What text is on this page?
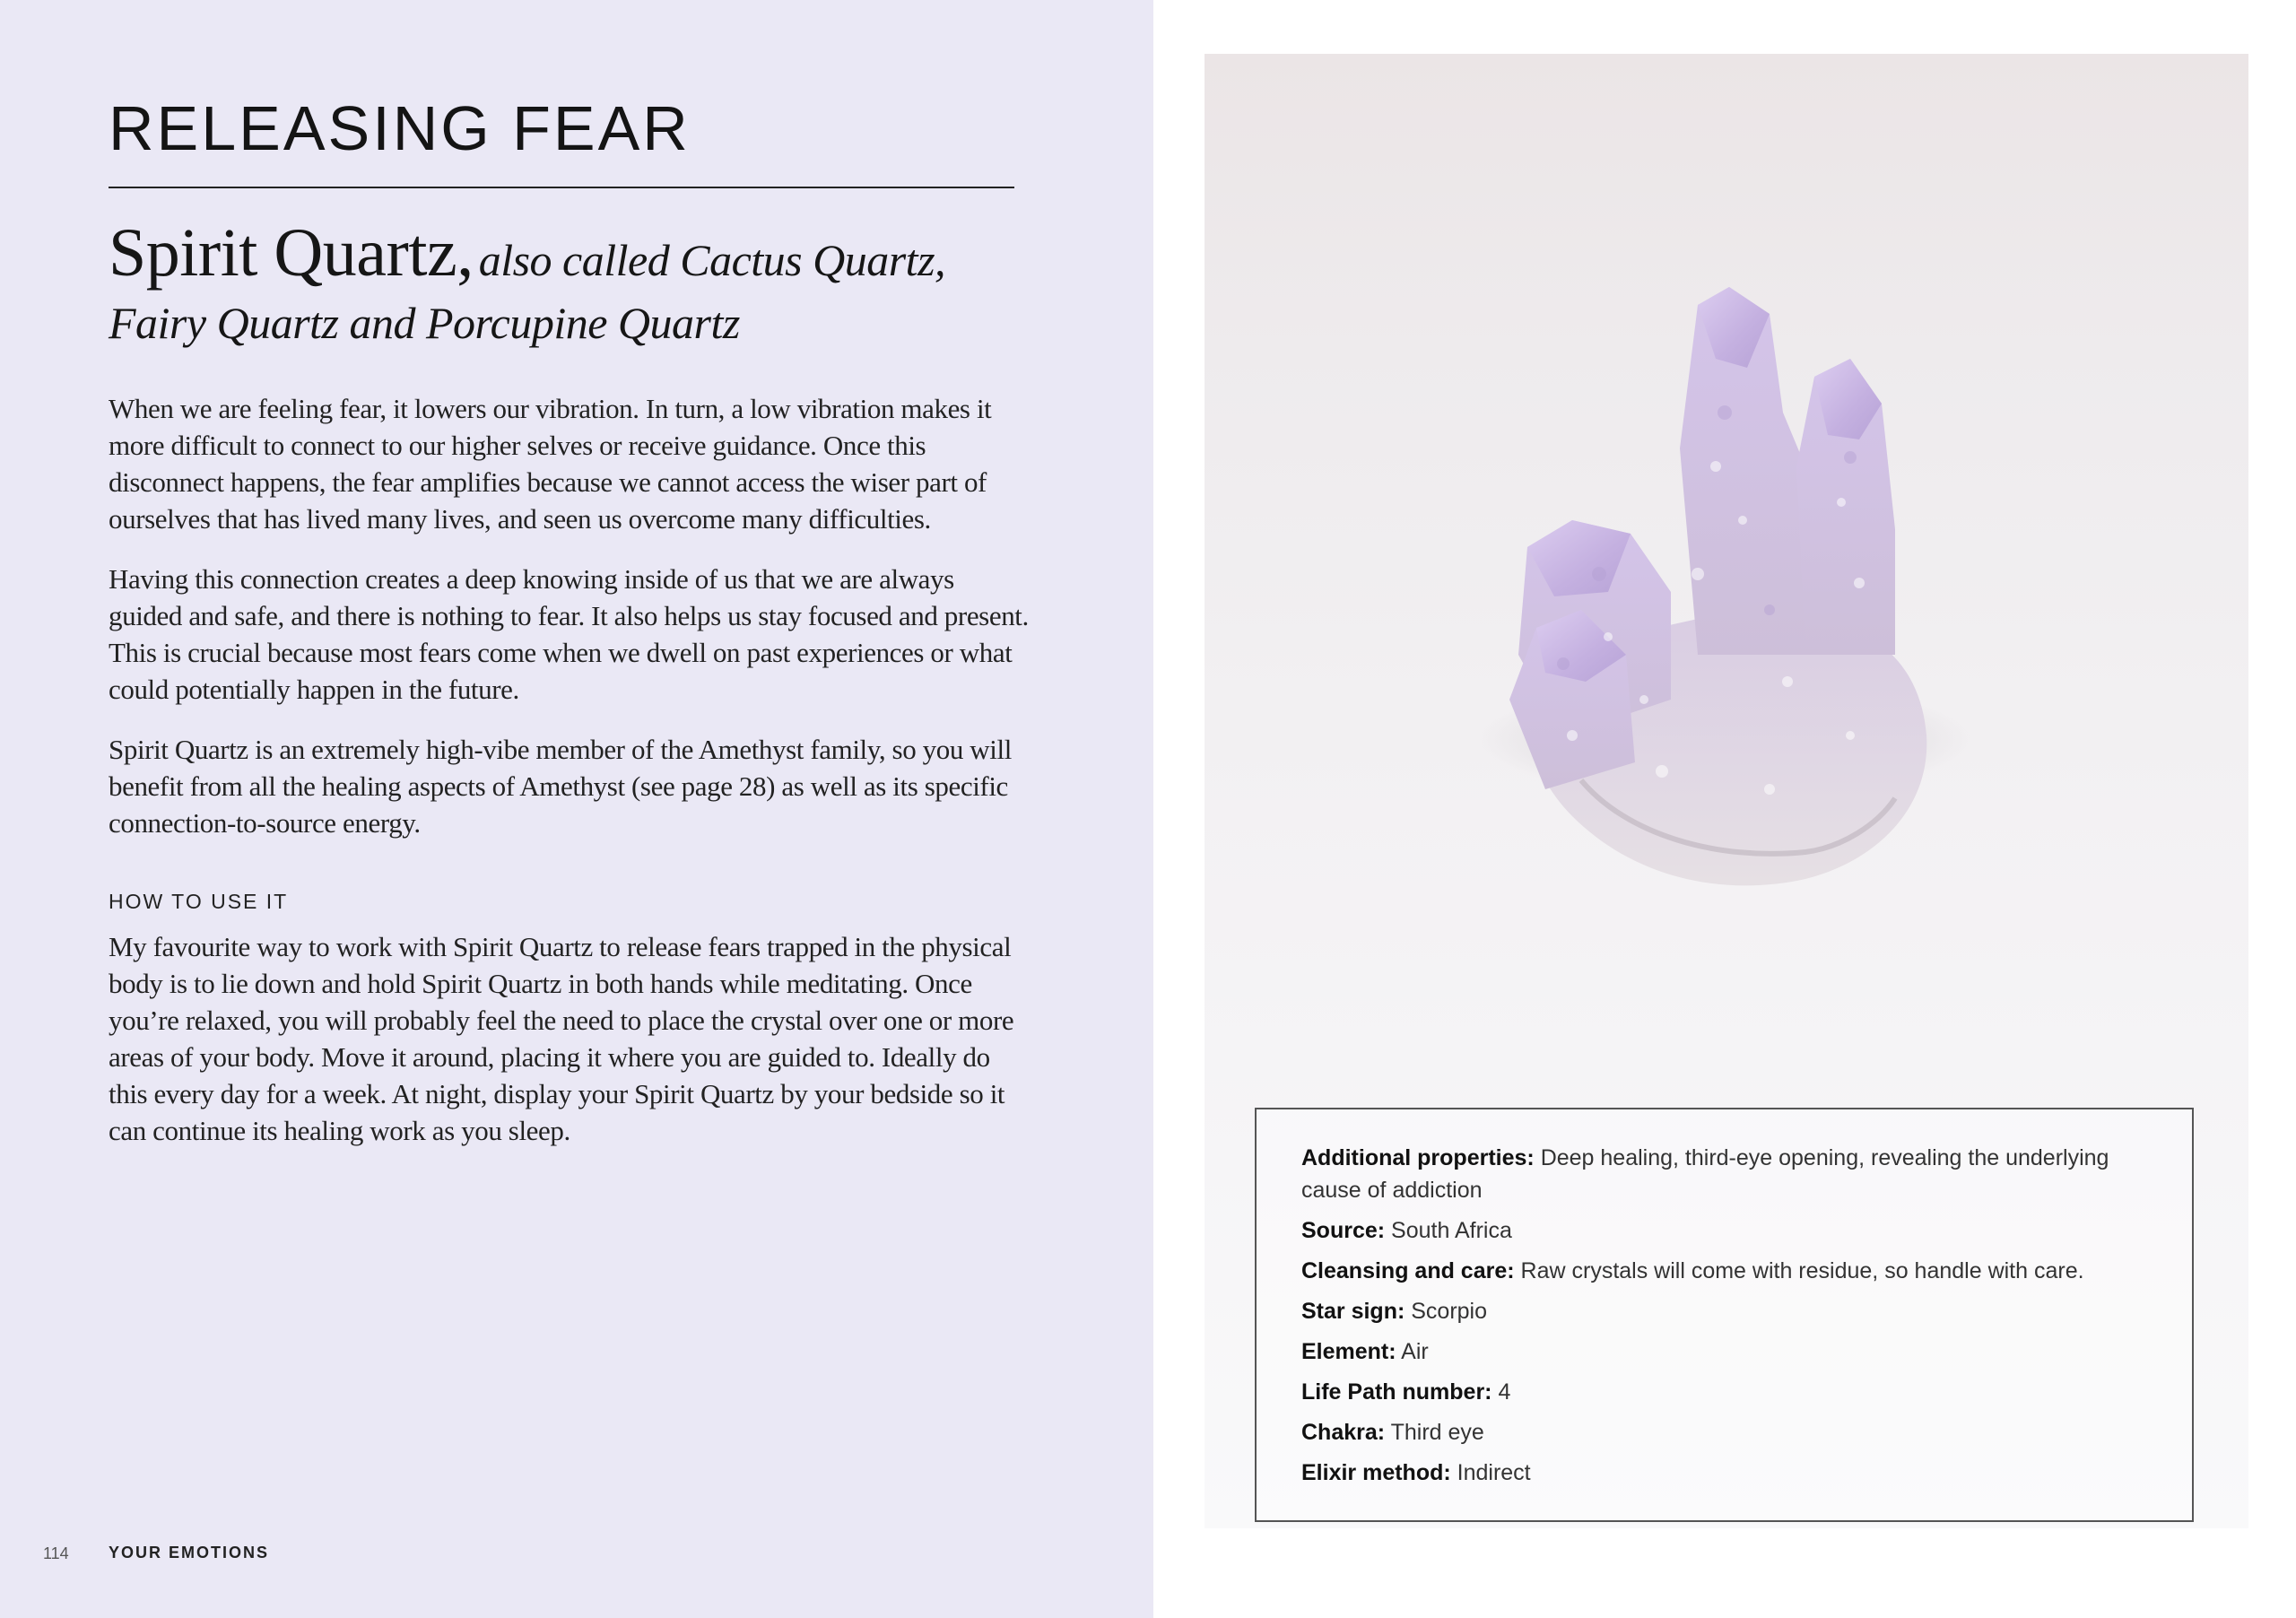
RELEASING FEAR
Spirit Quartz, also called Cactus Quartz, Fairy Quartz and Porcupine Quartz

When we are feeling fear, it lowers our vibration. In turn, a low vibration makes it more difficult to connect to our higher selves or receive guidance. Once this disconnect happens, the fear amplifies because we cannot access the wiser part of ourselves that has lived many lives, and seen us overcome many difficulties.

Having this connection creates a deep knowing inside of us that we are always guided and safe, and there is nothing to fear. It also helps us stay focused and present. This is crucial because most fears come when we dwell on past experiences or what could potentially happen in the future.

Spirit Quartz is an extremely high-vibe member of the Amethyst family, so you will benefit from all the healing aspects of Amethyst (see page 28) as well as its specific connection-to-source energy.

HOW TO USE IT

My favourite way to work with Spirit Quartz to release fears trapped in the physical body is to lie down and hold Spirit Quartz in both hands while meditating. Once you’re relaxed, you will probably feel the need to place the crystal over one or more areas of your body. Move it around, placing it where you are guided to. Ideally do this every day for a week. At night, display your Spirit Quartz by your bedside so it can continue its healing work as you sleep.

114 YOUR EMOTIONS

Additional properties: Deep healing, third-eye opening, revealing the underlying cause of addiction

Source: South Africa

Cleansing and care: Raw crystals will come with residue, so handle with care.

Star sign: Scorpio

Element: Air

Life Path number: 4

Chakra: Third eye

Elixir method: Indirect
